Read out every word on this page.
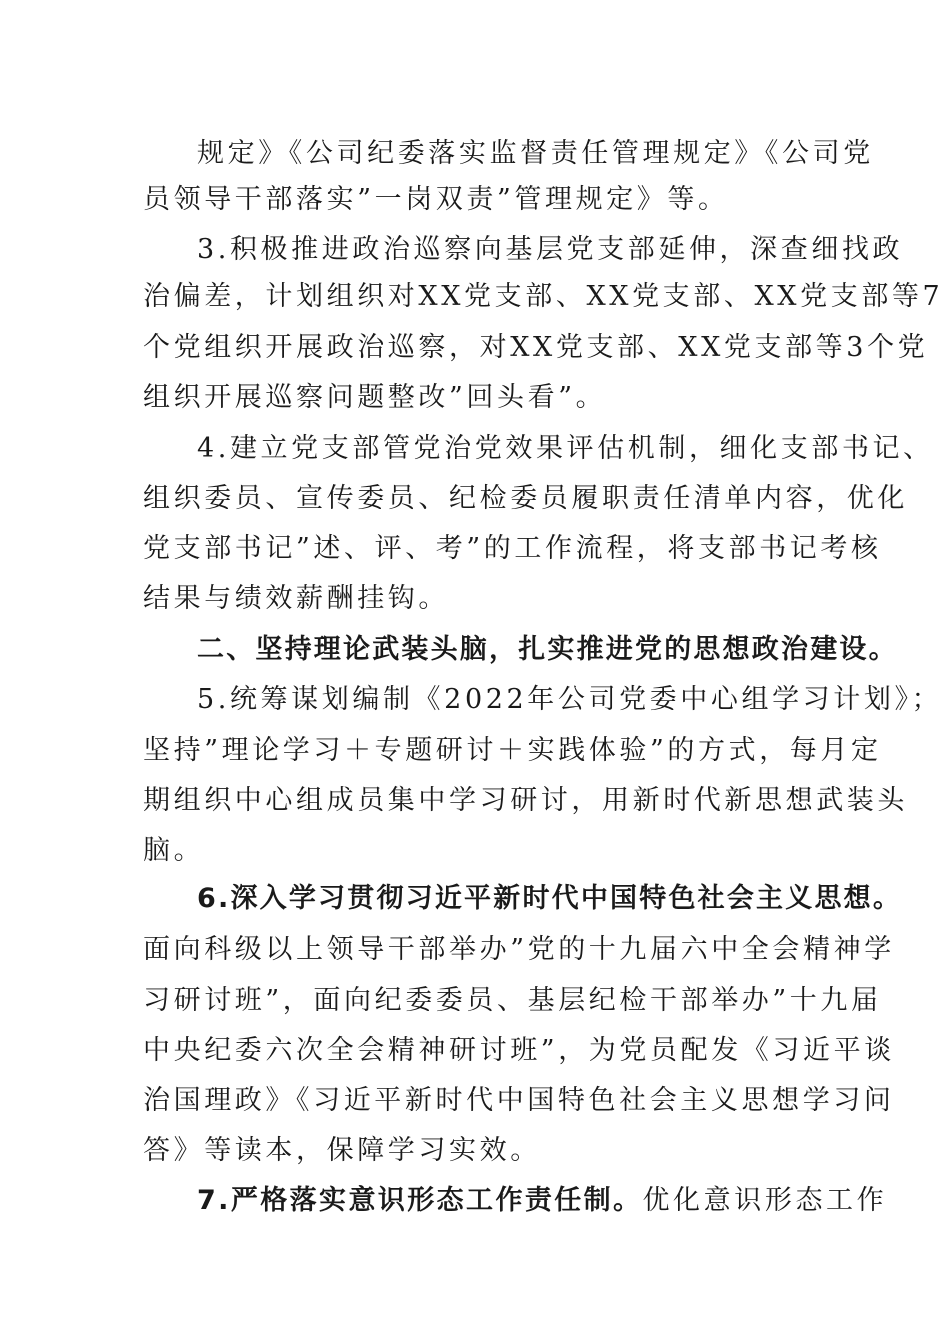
规定》《公司纪委落实监督责任管理规定》《公司党
员领导干部落实”一岗双责”管理规定》等。
3.积极推进政治巡察向基层党支部延伸，深查细找政
治偏差，计划组织对XX党支部、XX党支部、XX党支部等7
个党组织开展政治巡察，对XX党支部、XX党支部等3个党
组织开展巡察问题整改”回头看”。
4.建立党支部管党治党效果评估机制，细化支部书记、
组织委员、宣传委员、纪检委员履职责任清单内容，优化
党支部书记”述、评、考”的工作流程，将支部书记考核
结果与绩效薪酬挂钩。
二、坚持理论武装头脑，扎实推进党的思想政治建设。
5.统筹谋划编制《2022年公司党委中心组学习计划》；
坚持”理论学习＋专题研讨＋实践体验”的方式，每月定
期组织中心组成员集中学习研讨，用新时代新思想武装头
脑。
6.深入学习贯彻习近平新时代中国特色社会主义思想。
面向科级以上领导干部举办”党的十九届六中全会精神学
习研讨班”，面向纪委委员、基层纪检干部举办”十九届
中央纪委六次全会精神研讨班”，为党员配发《习近平谈
治国理政》《习近平新时代中国特色社会主义思想学习问
答》等读本，保障学习实效。
7.严格落实意识形态工作责任制。优化意识形态工作
